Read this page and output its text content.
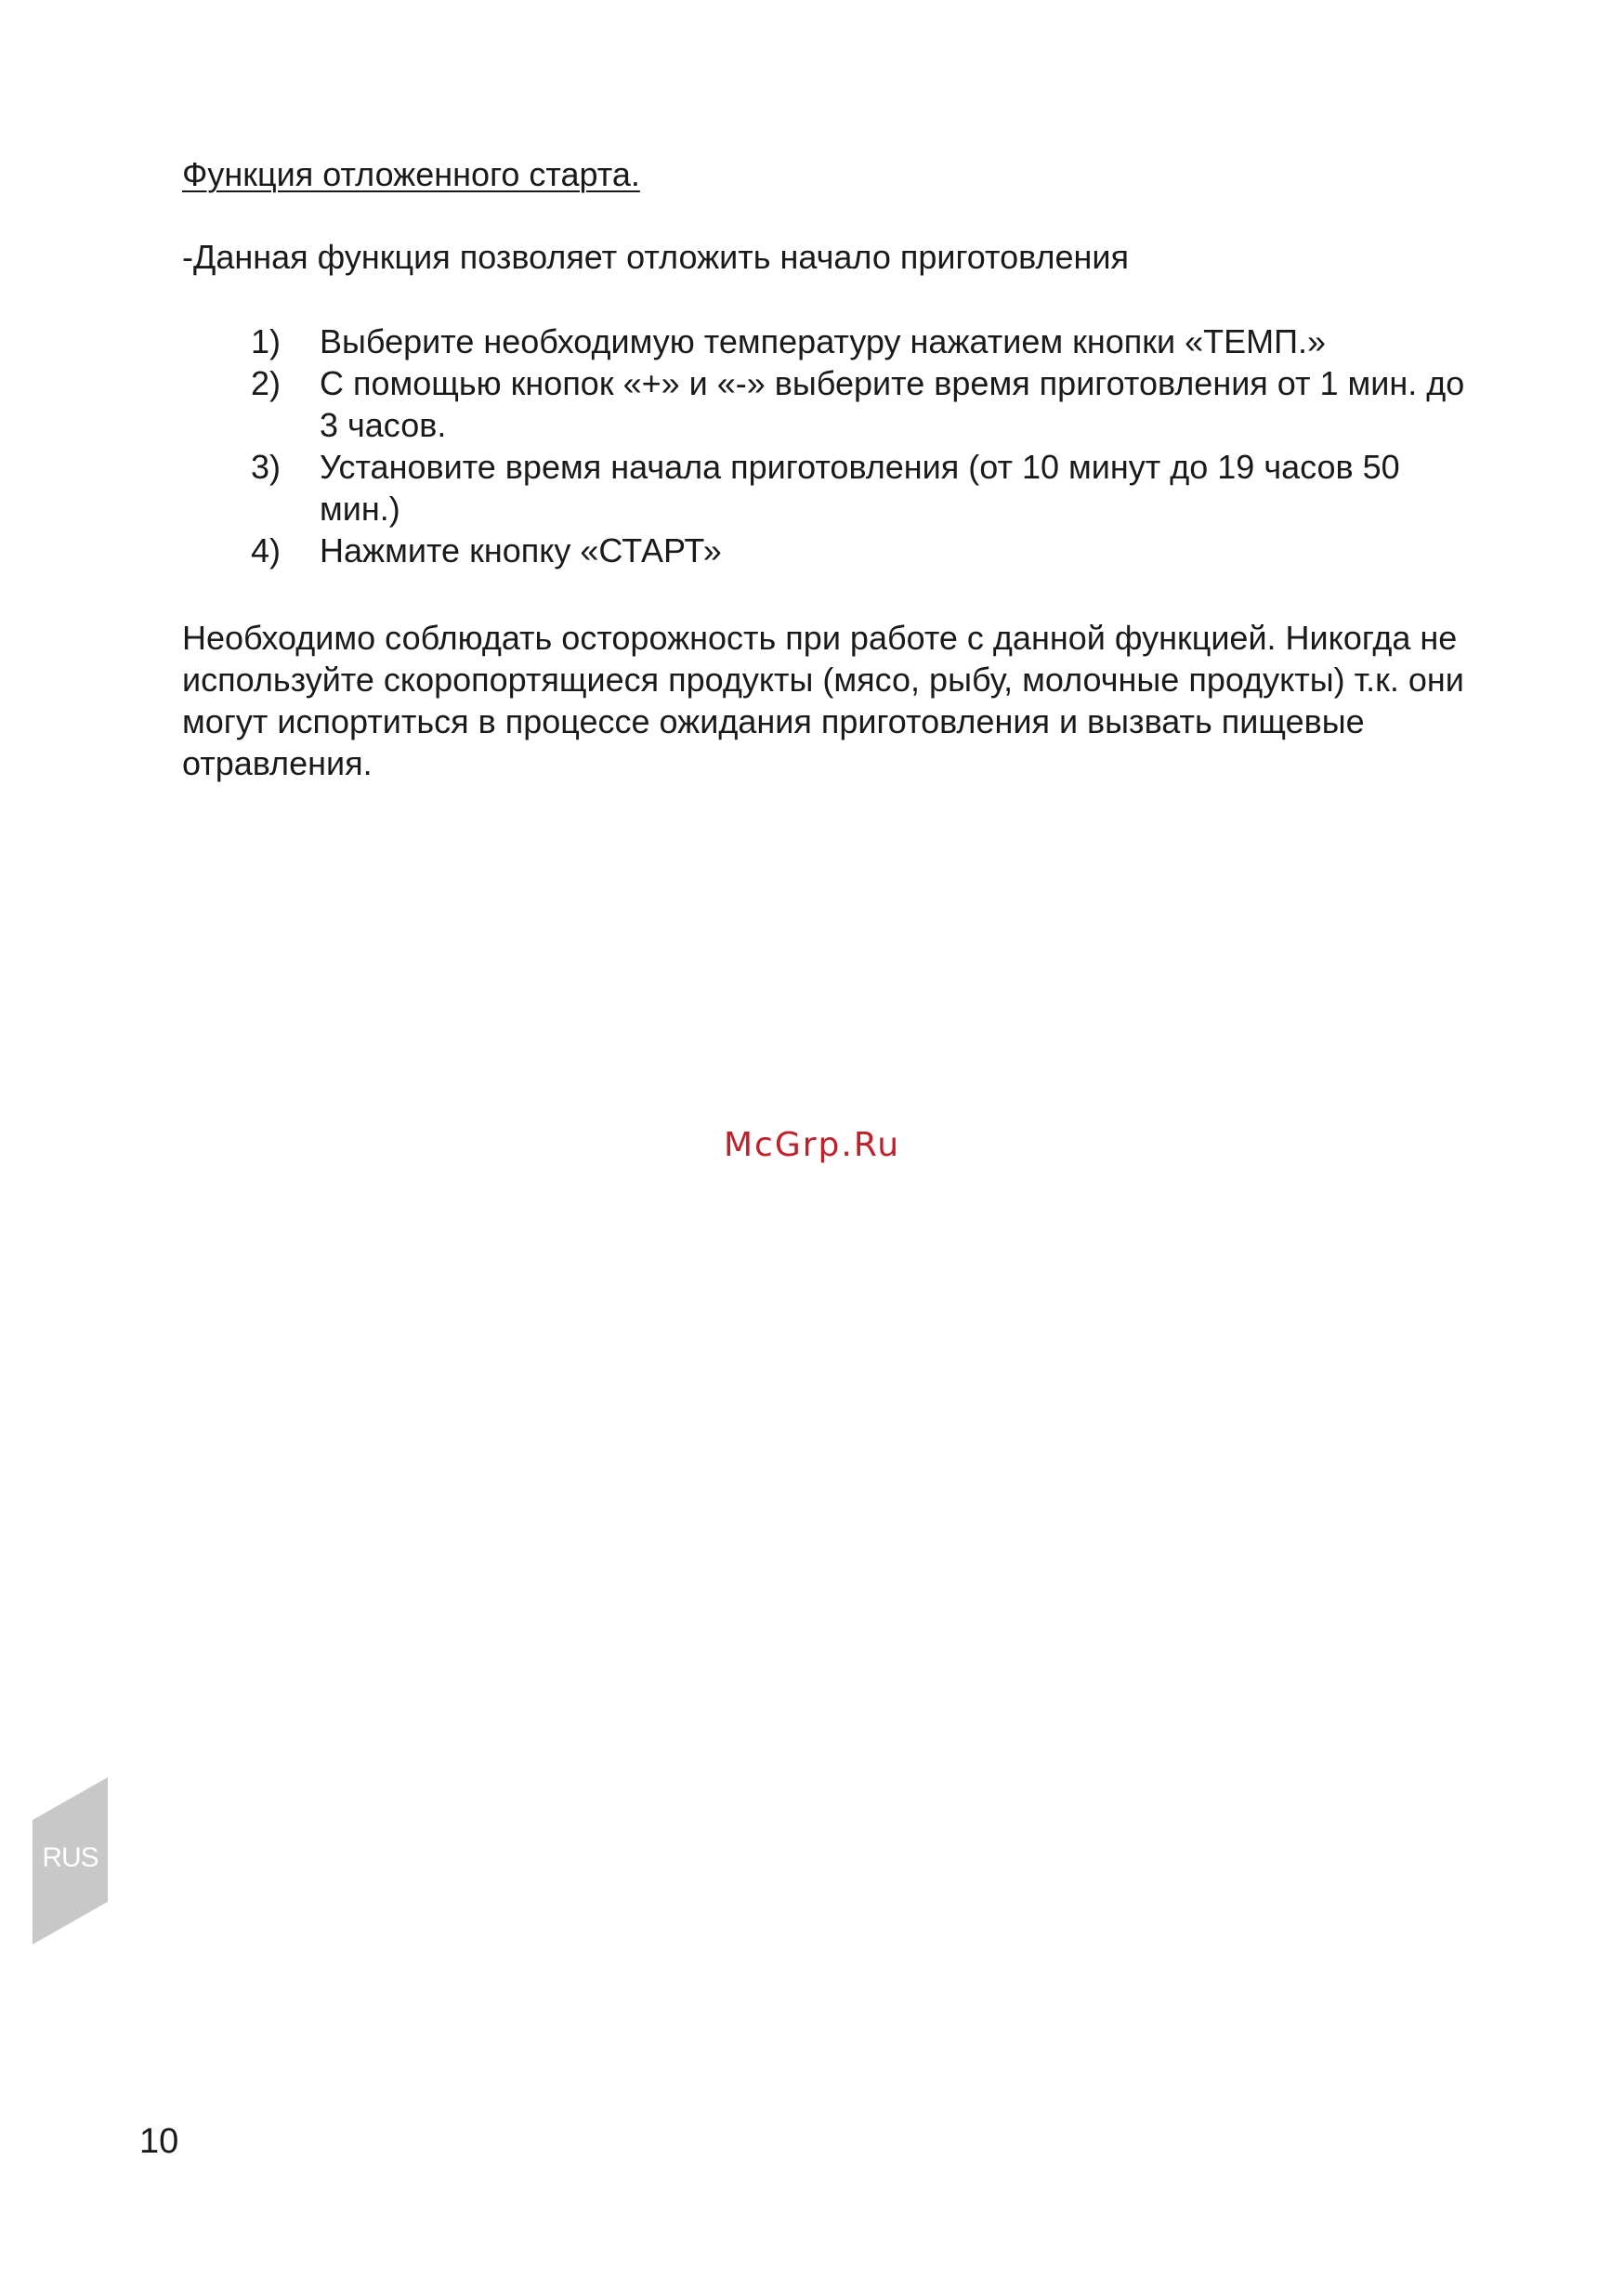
Функция отложенного старта.

-Данная функция позволяет отложить начало приготовления

1)	Выберите необходимую температуру нажатием кнопки «ТЕМП.»
2)	С помощью кнопок «+» и «-» выберите время приготовления от 1 мин. до 3 часов.
3)	Установите время начала приготовления (от 10 минут до 19 часов 50 мин.)
4)	Нажмите кнопку «СТАРТ»

Необходимо соблюдать осторожность при работе с данной функцией. Никогда не используйте скоропортящиеся продукты (мясо, рыбу, молочные продукты) т.к. они могут испортиться в процессе ожидания приготовления и вызвать пищевые отравления.

McGrp.Ru
RUS
10
